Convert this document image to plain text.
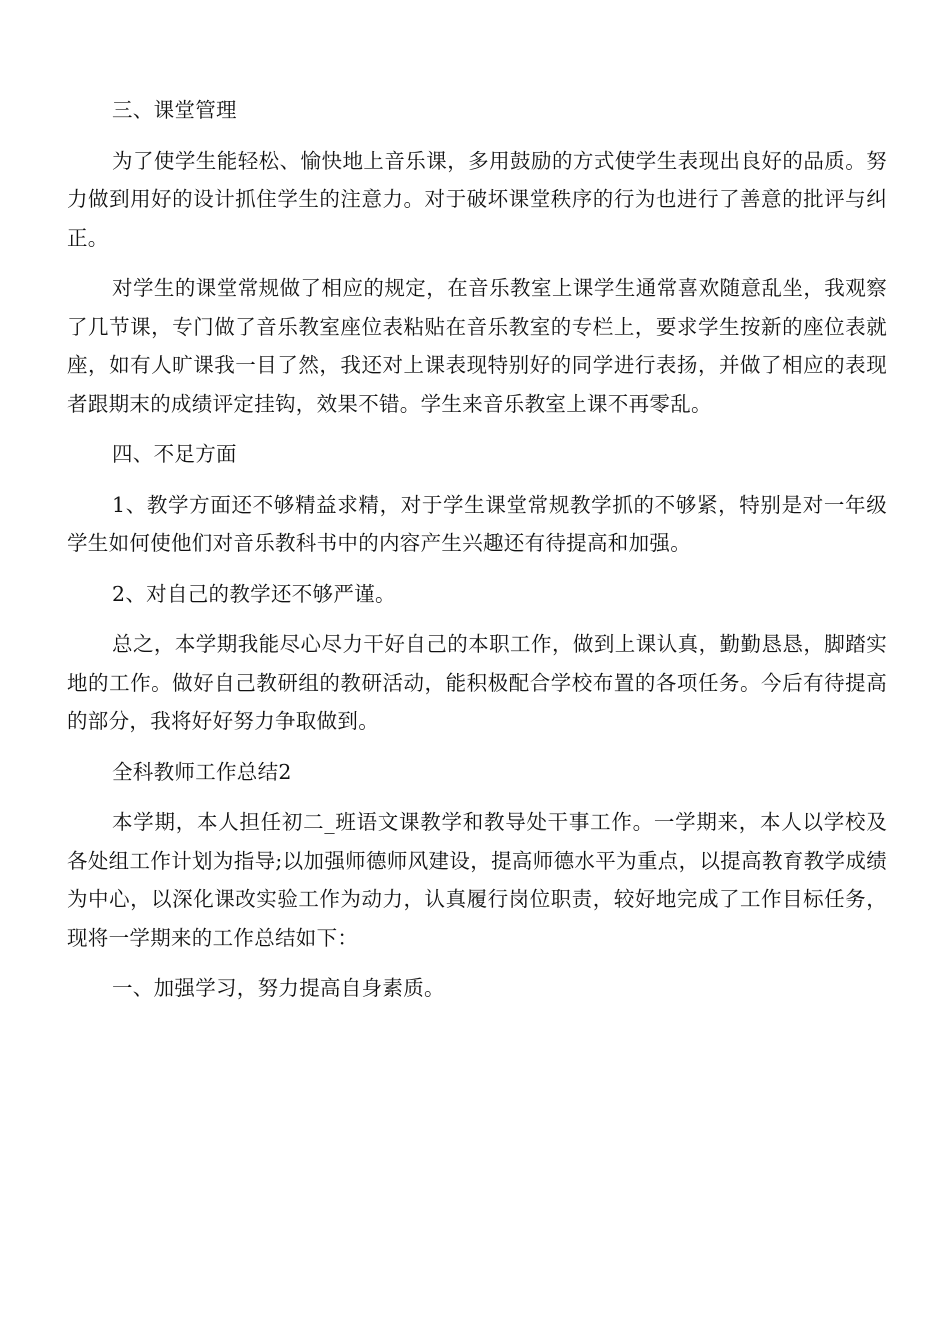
三、课堂管理

为了使学生能轻松、愉快地上音乐课，多用鼓励的方式使学生表现出良好的品质。努力做到用好的设计抓住学生的注意力。对于破坏课堂秩序的行为也进行了善意的批评与纠正。

对学生的课堂常规做了相应的规定，在音乐教室上课学生通常喜欢随意乱坐，我观察了几节课，专门做了音乐教室座位表粘贴在音乐教室的专栏上，要求学生按新的座位表就座，如有人旷课我一目了然，我还对上课表现特别好的同学进行表扬，并做了相应的表现者跟期末的成绩评定挂钩，效果不错。学生来音乐教室上课不再零乱。

四、不足方面

1、教学方面还不够精益求精，对于学生课堂常规教学抓的不够紧，特别是对一年级学生如何使他们对音乐教科书中的内容产生兴趣还有待提高和加强。

2、对自己的教学还不够严谨。

总之，本学期我能尽心尽力干好自己的本职工作，做到上课认真，勤勤恳恳，脚踏实地的工作。做好自己教研组的教研活动，能积极配合学校布置的各项任务。今后有待提高的部分，我将好好努力争取做到。

全科教师工作总结2

本学期，本人担任初二_班语文课教学和教导处干事工作。一学期来，本人以学校及各处组工作计划为指导;以加强师德师风建设，提高师德水平为重点，以提高教育教学成绩为中心，以深化课改实验工作为动力，认真履行岗位职责，较好地完成了工作目标任务，现将一学期来的工作总结如下：

一、加强学习，努力提高自身素质。
